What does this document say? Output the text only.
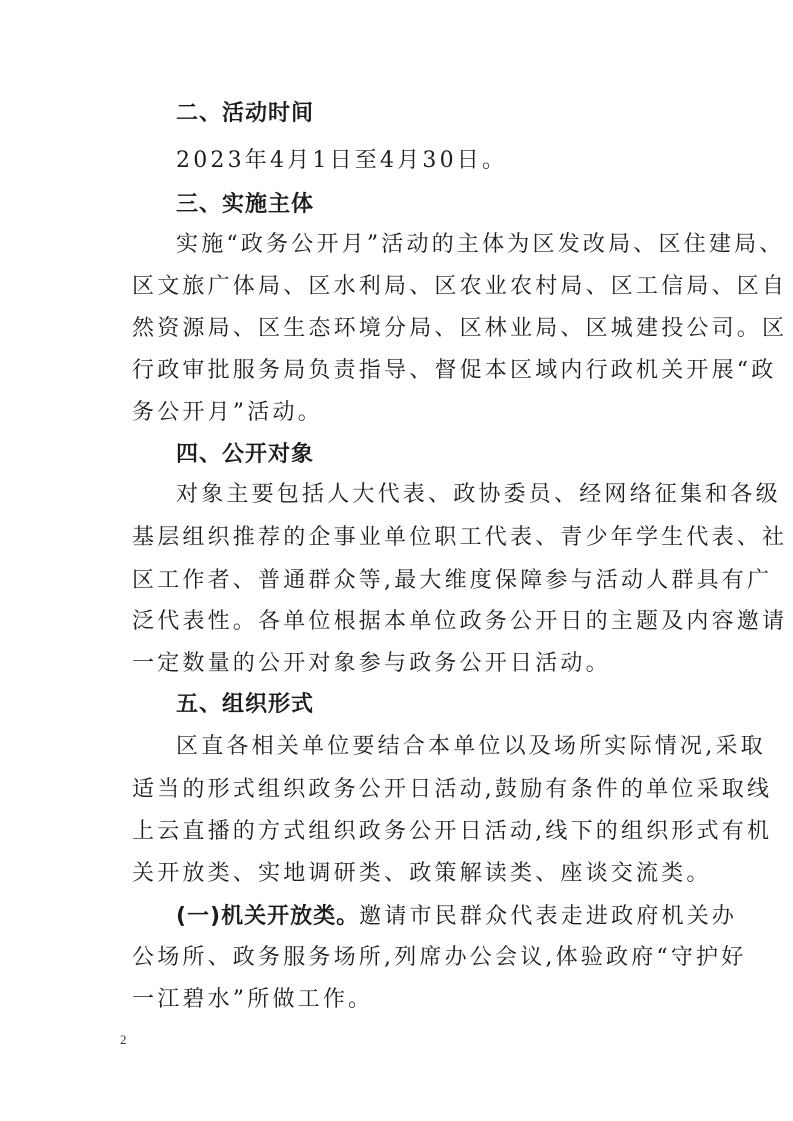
二、活动时间
2023年4月1日至4月30日。
三、实施主体
实施“政务公开月”活动的主体为区发改局、区住建局、
区文旅广体局、区水利局、区农业农村局、区工信局、区自
然资源局、区生态环境分局、区林业局、区城建投公司。区
行政审批服务局负责指导、督促本区域内行政机关开展“政
务公开月”活动。
四、公开对象
对象主要包括人大代表、政协委员、经网络征集和各级
基层组织推荐的企事业单位职工代表、青少年学生代表、社
区工作者、普通群众等,最大维度保障参与活动人群具有广
泛代表性。各单位根据本单位政务公开日的主题及内容邀请
一定数量的公开对象参与政务公开日活动。
五、组织形式
区直各相关单位要结合本单位以及场所实际情况,采取
适当的形式组织政务公开日活动,鼓励有条件的单位采取线
上云直播的方式组织政务公开日活动,线下的组织形式有机
关开放类、实地调研类、政策解读类、座谈交流类。
(一)机关开放类。邀请市民群众代表走进政府机关办
公场所、政务服务场所,列席办公会议,体验政府“守护好
一江碧水”所做工作。
2
